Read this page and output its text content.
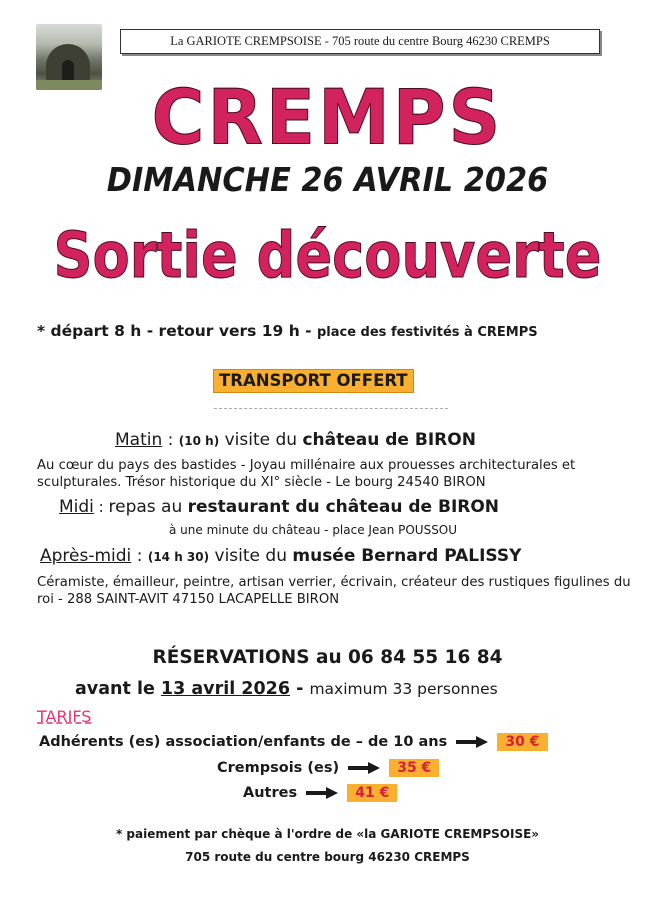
La GARIOTE CREMPSOISE - 705 route du centre Bourg 46230 CREMPS
CREMPS
DIMANCHE 26 AVRIL 2026
Sortie découverte
* départ 8 h - retour vers 19 h - place des festivités à CREMPS
TRANSPORT OFFERT
Matin : (10 h) visite du château de BIRON
Au cœur du pays des bastides - Joyau millénaire aux prouesses architecturales et sculpturales. Trésor historique du XI° siècle - Le bourg 24540 BIRON
Midi : repas au restaurant du château de BIRON
à une minute du château - place Jean POUSSOU
Après-midi : (14 h 30) visite du musée Bernard PALISSY
Céramiste, émailleur, peintre, artisan verrier, écrivain, créateur des rustiques figulines du roi - 288 SAINT-AVIT 47150 LACAPELLE BIRON
RÉSERVATIONS au 06 84 55 16 84
avant le 13 avril 2026 - maximum 33 personnes
TARIFS
Adhérents (es) association/enfants de – de 10 ans	30 €
Crempsois (es)	35 €
Autres	41 €
* paiement par chèque à l'ordre de «la GARIOTE CREMPSOISE»
705 route du centre bourg 46230 CREMPS
